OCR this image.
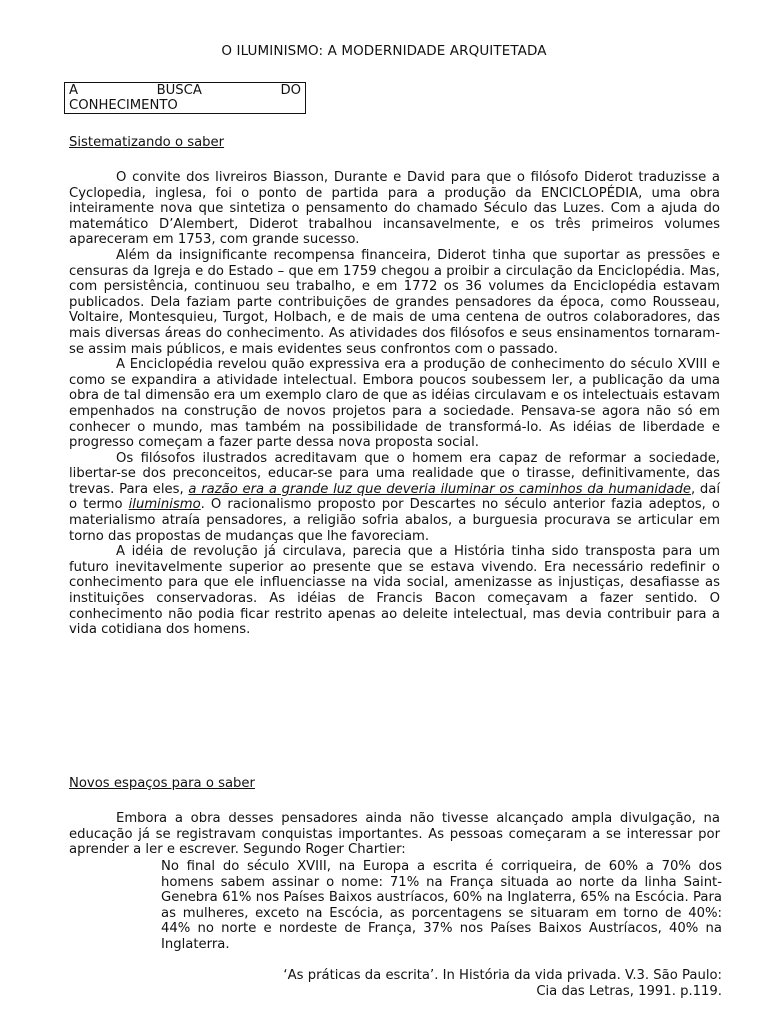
O ILUMINISMO: A MODERNIDADE ARQUITETADA
A	BUSCA	DO
CONHECIMENTO
Sistematizando o saber

O convite dos livreiros Biasson, Durante e David para que o filósofo Diderot traduzisse a Cyclopedia, inglesa, foi o ponto de partida para a produção da ENCICLOPÉDIA, uma obra inteiramente nova que sintetiza o pensamento do chamado Século das Luzes. Com a ajuda do matemático D’Alembert, Diderot trabalhou incansavelmente, e os três primeiros volumes apareceram em 1753, com grande sucesso.

Além da insignificante recompensa financeira, Diderot tinha que suportar as pressões e censuras da Igreja e do Estado – que em 1759 chegou a proibir a circulação da Enciclopédia. Mas, com persistência, continuou seu trabalho, e em 1772 os 36 volumes da Enciclopédia estavam publicados. Dela faziam parte contribuições de grandes pensadores da época, como Rousseau, Voltaire, Montesquieu, Turgot, Holbach, e de mais de uma centena de outros colaboradores, das mais diversas áreas do conhecimento. As atividades dos filósofos e seus ensinamentos tornaram-se assim mais públicos, e mais evidentes seus confrontos com o passado.

A Enciclopédia revelou quão expressiva era a produção de conhecimento do século XVIII e como se expandira a atividade intelectual. Embora poucos soubessem ler, a publicação da uma obra de tal dimensão era um exemplo claro de que as idéias circulavam e os intelectuais estavam empenhados na construção de novos projetos para a sociedade. Pensava-se agora não só em conhecer o mundo, mas também na possibilidade de transformá-lo. As idéias de liberdade e progresso começam a fazer parte dessa nova proposta social.

Os filósofos ilustrados acreditavam que o homem era capaz de reformar a sociedade, libertar-se dos preconceitos, educar-se para uma realidade que o tirasse, definitivamente, das trevas. Para eles, a razão era a grande luz que deveria iluminar os caminhos da humanidade, daí o termo iluminismo. O racionalismo proposto por Descartes no século anterior fazia adeptos, o materialismo atraía pensadores, a religião sofria abalos, a burguesia procurava se articular em torno das propostas de mudanças que lhe favoreciam.

A idéia de revolução já circulava, parecia que a História tinha sido transposta para um futuro inevitavelmente superior ao presente que se estava vivendo. Era necessário redefinir o conhecimento para que ele influenciasse na vida social, amenizasse as injustiças, desafiasse as instituições conservadoras. As idéias de Francis Bacon começavam a fazer sentido. O conhecimento não podia ficar restrito apenas ao deleite intelectual, mas devia contribuir para a vida cotidiana dos homens.

Novos espaços para o saber

Embora a obra desses pensadores ainda não tivesse alcançado ampla divulgação, na educação já se registravam conquistas importantes. As pessoas começaram a se interessar por aprender a ler e escrever. Segundo Roger Chartier:

No final do século XVIII, na Europa a escrita é corriqueira, de 60% a 70% dos homens sabem assinar o nome: 71% na França situada ao norte da linha Saint-Genebra 61% nos Países Baixos austríacos, 60% na Inglaterra, 65% na Escócia. Para as mulheres, exceto na Escócia, as porcentagens se situaram em torno de 40%: 44% no norte e nordeste de França, 37% nos Países Baixos Austríacos, 40% na Inglaterra.

‘As práticas da escrita’. In História da vida privada. V.3. São Paulo:

Cia das Letras, 1991. p.119.
